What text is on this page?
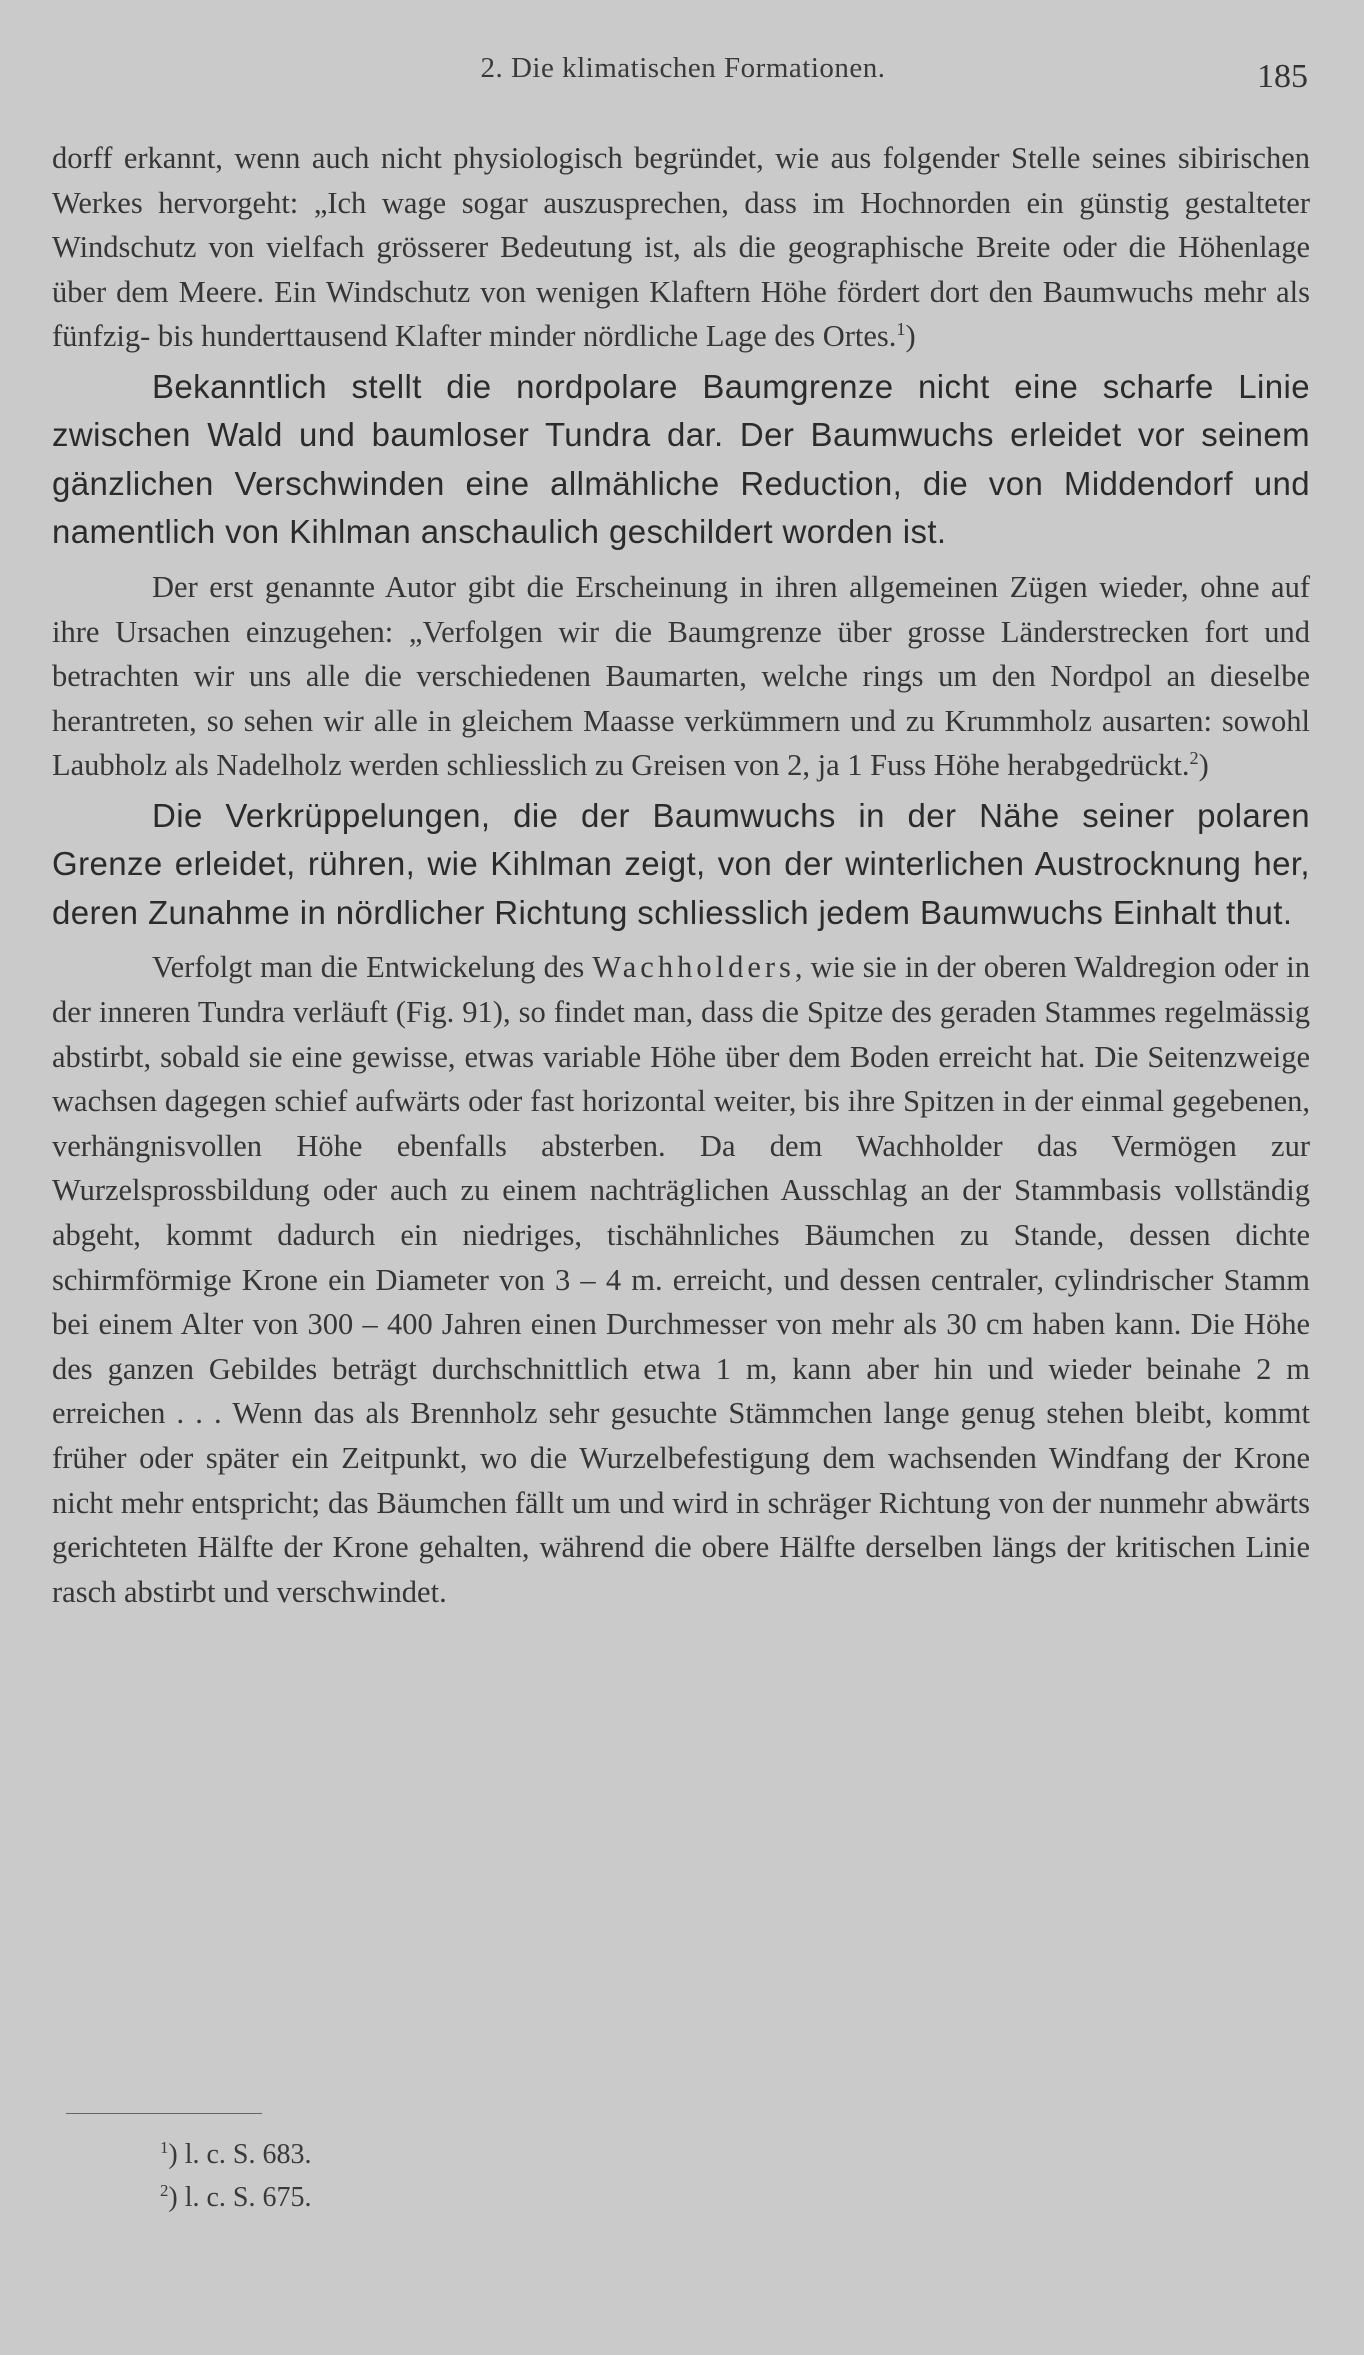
2. Die klimatischen Formationen.	185

dorff erkannt, wenn auch nicht physiologisch begründet, wie aus folgender Stelle seines sibirischen Werkes hervorgeht: „Ich wage sogar auszusprechen, dass im Hochnorden ein günstig gestalteter Windschutz von vielfach grösserer Bedeutung ist, als die geographische Breite oder die Höhenlage über dem Meere. Ein Windschutz von wenigen Klaftern Höhe fördert dort den Baumwuchs mehr als fünfzig- bis hunderttausend Klafter minder nördliche Lage des Ortes.$^1$)

Bekanntlich stellt die nordpolare Baumgrenze nicht eine scharfe Linie zwischen Wald und baumloser Tundra dar. Der Baumwuchs erleidet vor seinem gänzlichen Verschwinden eine allmähliche Reduction, die von Middendorf und namentlich von Kihlman anschaulich geschildert worden ist.

Der erst genannte Autor gibt die Erscheinung in ihren allgemeinen Zügen wieder, ohne auf ihre Ursachen einzugehen: „Verfolgen wir die Baumgrenze über grosse Länderstrecken fort und betrachten wir uns alle die verschiedenen Baumarten, welche rings um den Nordpol an dieselbe herantreten, so sehen wir alle in gleichem Maasse verkümmern und zu Krummholz ausarten: sowohl Laubholz als Nadelholz werden schliesslich zu Greisen von 2, ja 1 Fuss Höhe herabgedrückt.$^2$)

Die Verkrüppelungen, die der Baumwuchs in der Nähe seiner polaren Grenze erleidet, rühren, wie Kihlman zeigt, von der winterlichen Austrocknung her, deren Zunahme in nördlicher Richtung schliesslich jedem Baumwuchs Einhalt thut.

Verfolgt man die Entwickelung des Wachholders, wie sie in der oberen Waldregion oder in der inneren Tundra verläuft (Fig. 91), so findet man, dass die Spitze des geraden Stammes regelmässig abstirbt, sobald sie eine gewisse, etwas variable Höhe über dem Boden erreicht hat. Die Seitenzweige wachsen dagegen schief aufwärts oder fast horizontal weiter, bis ihre Spitzen in der einmal gegebenen, verhängnisvollen Höhe ebenfalls absterben. Da dem Wachholder das Vermögen zur Wurzelsprossbildung oder auch zu einem nachträglichen Ausschlag an der Stammbasis vollständig abgeht, kommt dadurch ein niedriges, tischähnliches Bäumchen zu Stande, dessen dichte schirmförmige Krone ein Diameter von 3 – 4 m. erreicht, und dessen centraler, cylindrischer Stamm bei einem Alter von 300 – 400 Jahren einen Durchmesser von mehr als 30 cm haben kann. Die Höhe des ganzen Gebildes beträgt durchschnittlich etwa 1 m, kann aber hin und wieder beinahe 2 m erreichen . . . Wenn das als Brennholz sehr gesuchte Stämmchen lange genug stehen bleibt, kommt früher oder später ein Zeitpunkt, wo die Wurzelbefestigung dem wachsenden Windfang der Krone nicht mehr entspricht; das Bäumchen fällt um und wird in schräger Richtung von der nunmehr abwärts gerichteten Hälfte der Krone gehalten, während die obere Hälfte derselben längs der kritischen Linie rasch abstirbt und verschwindet.

$^1$) l. c. S. 683.
$^2$) l. c. S. 675.
